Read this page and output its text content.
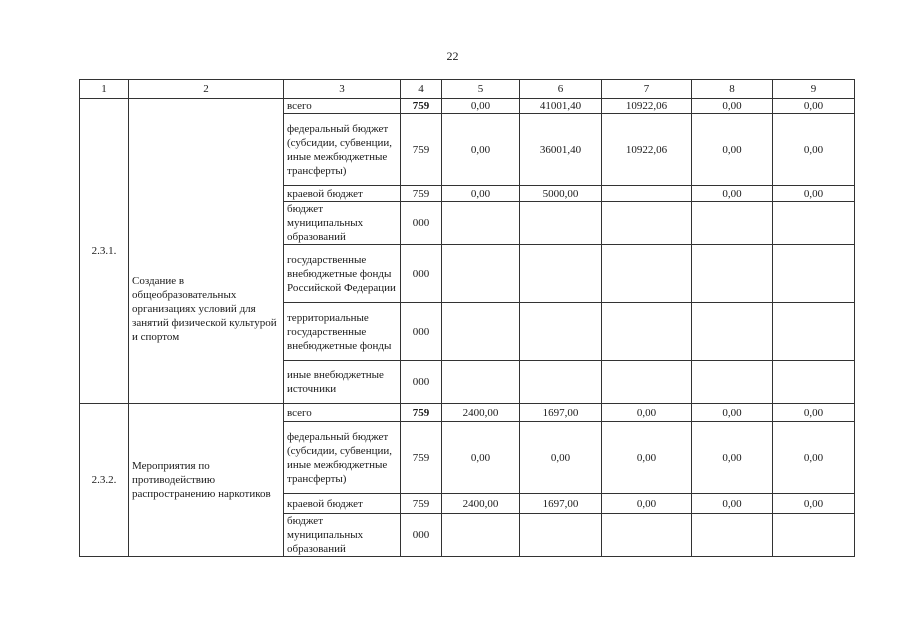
22
1	2	3	4	5	6	7	8	9
2.3.1.	Создание в общеобразовательных организациях условий для занятий физической культурой и спортом	всего	759	0,00	41001,40	10922,06	0,00	0,00
		федеральный бюджет (субсидии, субвенции, иные межбюджетные трансферты)	759	0,00	36001,40	10922,06	0,00	0,00
		краевой бюджет	759	0,00	5000,00		0,00	0,00
		бюджет муниципальных образований	000					
		государственные внебюджетные фонды Российской Федерации	000					
		территориальные государственные внебюджетные фонды	000					
		иные внебюджетные источники	000					
2.3.2.	Мероприятия по противодействию распространению наркотиков	всего	759	2400,00	1697,00	0,00	0,00	0,00
		федеральный бюджет (субсидии, субвенции, иные межбюджетные трансферты)	759	0,00	0,00	0,00	0,00	0,00
		краевой бюджет	759	2400,00	1697,00	0,00	0,00	0,00
		бюджет муниципальных образований	000					
